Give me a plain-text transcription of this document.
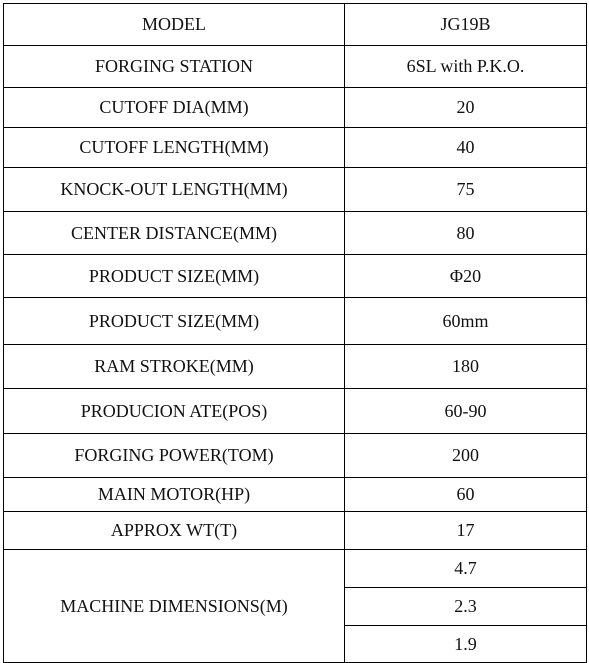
MODEL	JG19B
FORGING STATION	6SL with P.K.O.
CUTOFF DIA(MM)	20
CUTOFF LENGTH(MM)	40
KNOCK-OUT LENGTH(MM)	75
CENTER DISTANCE(MM)	80
PRODUCT SIZE(MM)	Φ20
PRODUCT SIZE(MM)	60mm
RAM STROKE(MM)	180
PRODUCION ATE(POS)	60-90
FORGING POWER(TOM)	200
MAIN MOTOR(HP)	60
APPROX WT(T)	17
MACHINE DIMENSIONS(M)	4.7
	2.3
	1.9
